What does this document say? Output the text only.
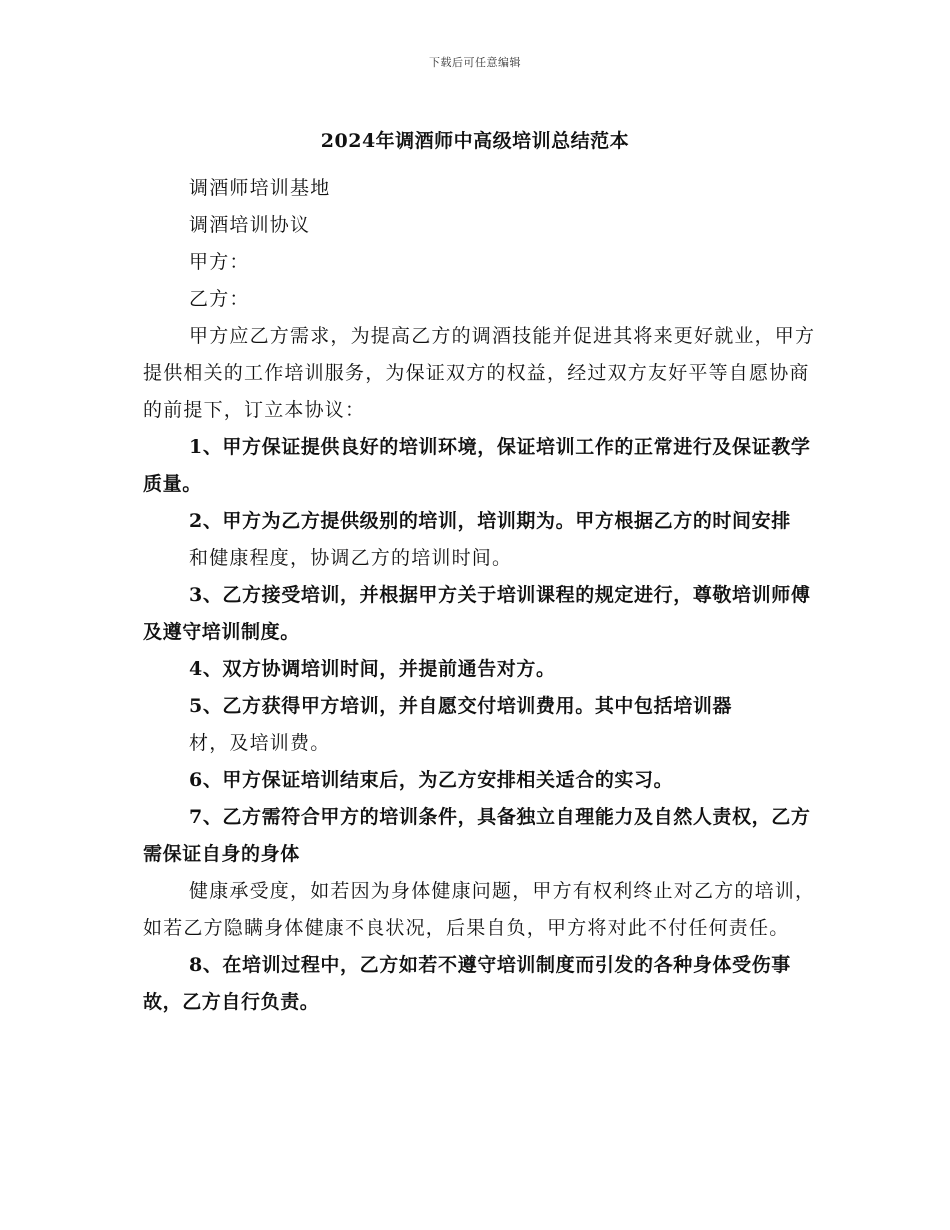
下载后可任意编辑
2024年调酒师中高级培训总结范本

调酒师培训基地

调酒培训协议

甲方：

乙方：

甲方应乙方需求，为提高乙方的调酒技能并促进其将来更好就业，甲方提供相关的工作培训服务，为保证双方的权益，经过双方友好平等自愿协商的前提下，订立本协议：

1、甲方保证提供良好的培训环境，保证培训工作的正常进行及保证教学质量。

2、甲方为乙方提供级别的培训，培训期为。甲方根据乙方的时间安排

和健康程度，协调乙方的培训时间。

3、乙方接受培训，并根据甲方关于培训课程的规定进行，尊敬培训师傅及遵守培训制度。

4、双方协调培训时间，并提前通告对方。

5、乙方获得甲方培训，并自愿交付培训费用。其中包括培训器

材，及培训费。

6、甲方保证培训结束后，为乙方安排相关适合的实习。

7、乙方需符合甲方的培训条件，具备独立自理能力及自然人责权，乙方需保证自身的身体

健康承受度，如若因为身体健康问题，甲方有权利终止对乙方的培训，如若乙方隐瞒身体健康不良状况，后果自负，甲方将对此不付任何责任。

8、在培训过程中，乙方如若不遵守培训制度而引发的各种身体受伤事故，乙方自行负责。
